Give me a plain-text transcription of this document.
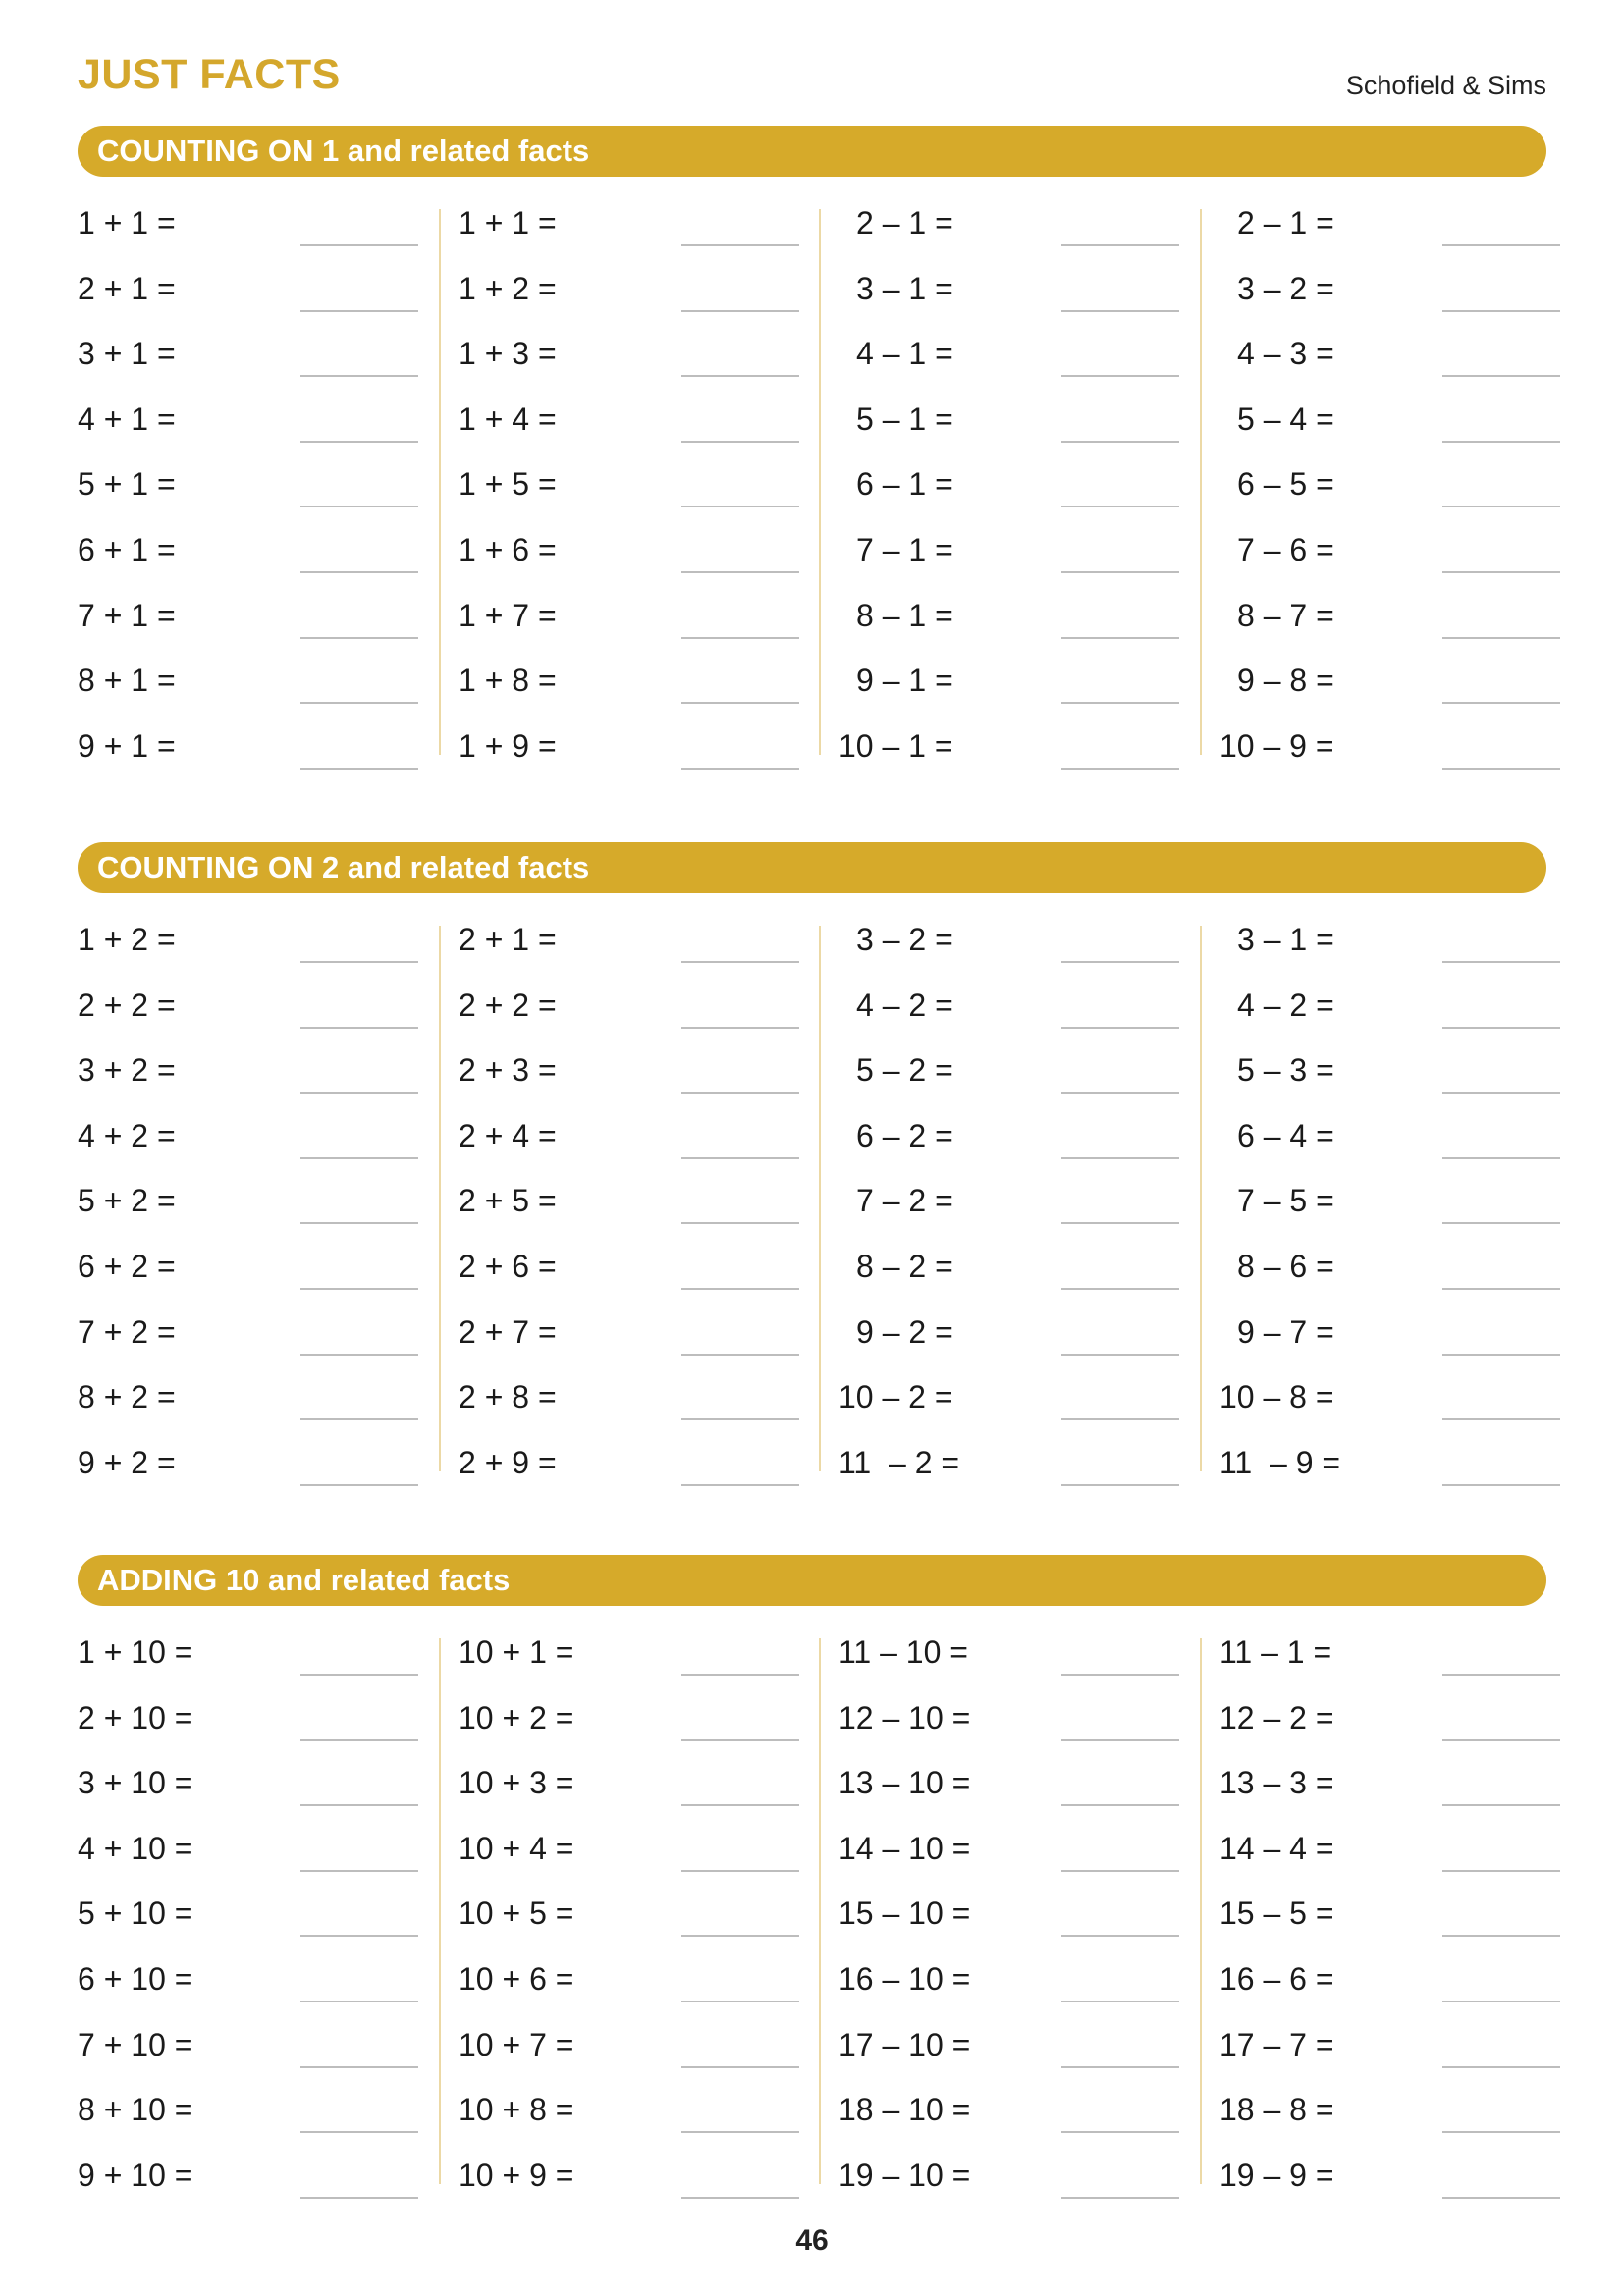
JUST FACTS	Schofield & Sims
COUNTING ON 1 and related facts
1 + 1 =
2 + 1 =
3 + 1 =
4 + 1 =
5 + 1 =
6 + 1 =
7 + 1 =
8 + 1 =
9 + 1 =
1 + 1 =
1 + 2 =
1 + 3 =
1 + 4 =
1 + 5 =
1 + 6 =
1 + 7 =
1 + 8 =
1 + 9 =
2 – 1 =
3 – 1 =
4 – 1 =
5 – 1 =
6 – 1 =
7 – 1 =
8 – 1 =
9 – 1 =
10 – 1 =
2 – 1 =
3 – 2 =
4 – 3 =
5 – 4 =
6 – 5 =
7 – 6 =
8 – 7 =
9 – 8 =
10 – 9 =
COUNTING ON 2 and related facts
1 + 2 =
2 + 2 =
3 + 2 =
4 + 2 =
5 + 2 =
6 + 2 =
7 + 2 =
8 + 2 =
9 + 2 =
2 + 1 =
2 + 2 =
2 + 3 =
2 + 4 =
2 + 5 =
2 + 6 =
2 + 7 =
2 + 8 =
2 + 9 =
3 – 2 =
4 – 2 =
5 – 2 =
6 – 2 =
7 – 2 =
8 – 2 =
9 – 2 =
10 – 2 =
11  – 2 =
3 – 1 =
4 – 2 =
5 – 3 =
6 – 4 =
7 – 5 =
8 – 6 =
9 – 7 =
10 – 8 =
11  – 9 =
ADDING 10 and related facts
1 + 10 =
2 + 10 =
3 + 10 =
4 + 10 =
5 + 10 =
6 + 10 =
7 + 10 =
8 + 10 =
9 + 10 =
10 + 1 =
10 + 2 =
10 + 3 =
10 + 4 =
10 + 5 =
10 + 6 =
10 + 7 =
10 + 8 =
10 + 9 =
11 – 10 =
12 – 10 =
13 – 10 =
14 – 10 =
15 – 10 =
16 – 10 =
17 – 10 =
18 – 10 =
19 – 10 =
11 – 1 =
12 – 2 =
13 – 3 =
14 – 4 =
15 – 5 =
16 – 6 =
17 – 7 =
18 – 8 =
19 – 9 =
46
